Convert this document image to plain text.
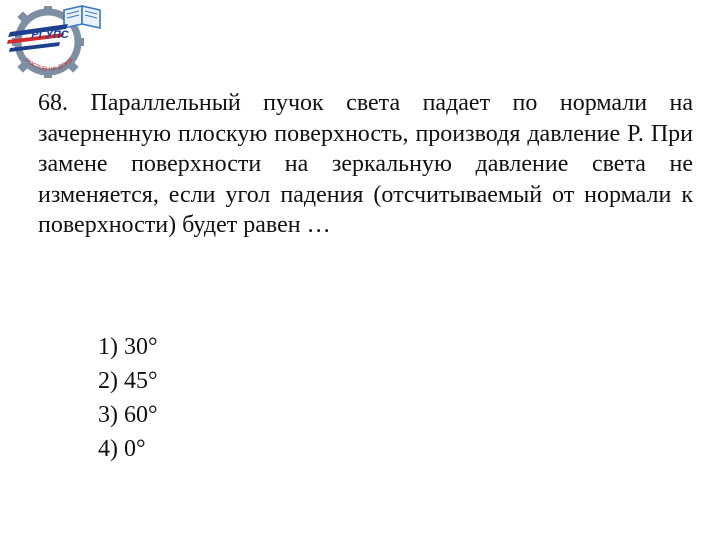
РГУПС
РОСТОВ-НА-ДОНУ

68. Параллельный пучок света падает по нормали на зачерненную плоскую поверхность, производя давление P. При замене поверхности на зеркальную давление света не изменяется, если угол падения (отсчитываемый от нормали к поверхности) будет равен …

1) 30°
2) 45°
3) 60°
4) 0°
